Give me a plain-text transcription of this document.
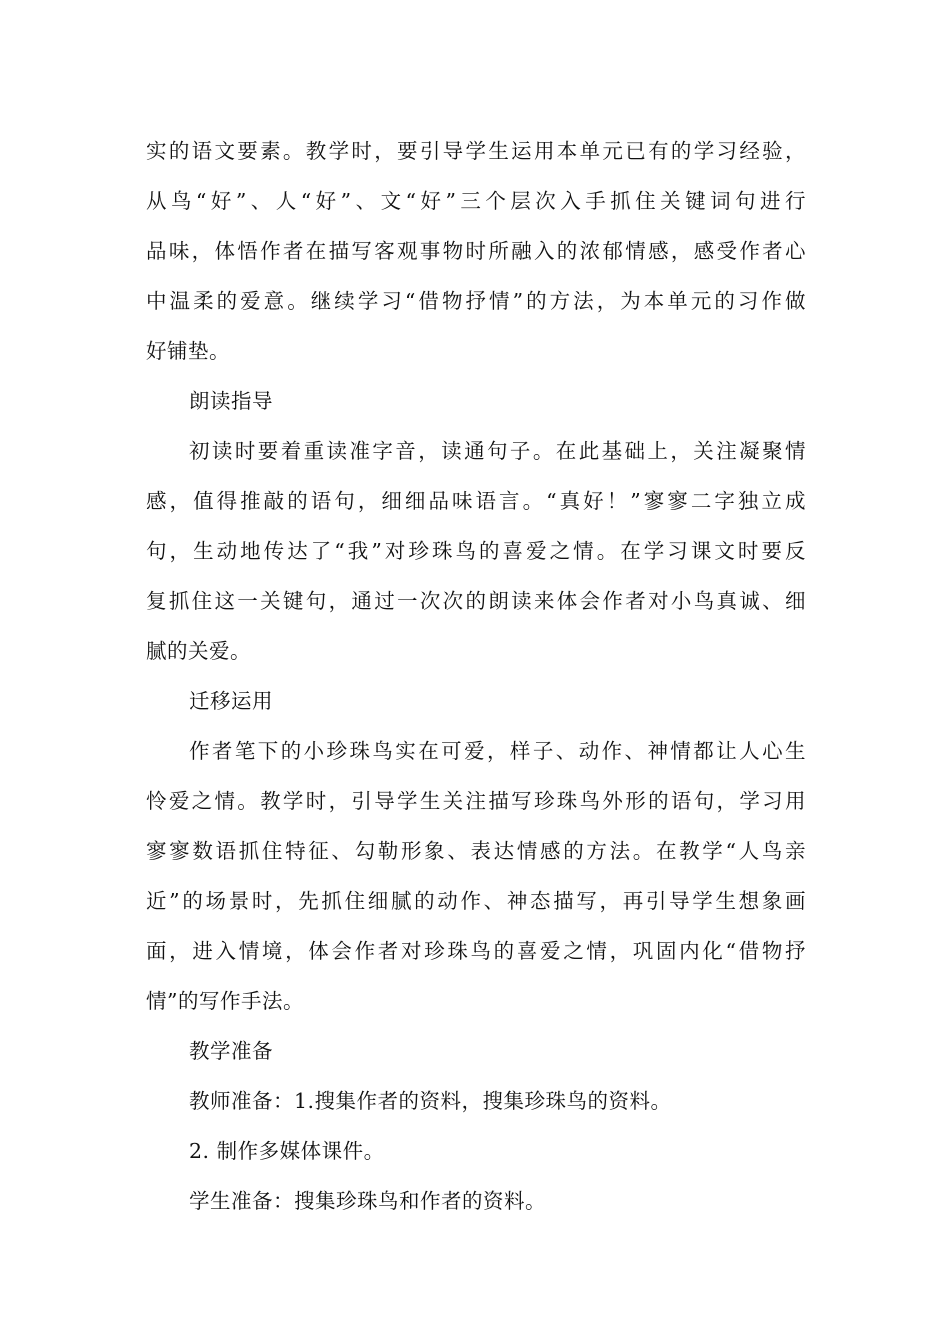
实的语文要素。教学时，要引导学生运用本单元已有的学习经验，
从鸟“好”、人“好”、文“好”三个层次入手抓住关键词句进行
品味，体悟作者在描写客观事物时所融入的浓郁情感，感受作者心
中温柔的爱意。继续学习“借物抒情”的方法，为本单元的习作做
好铺垫。
朗读指导
初读时要着重读准字音，读通句子。在此基础上，关注凝聚情
感，值得推敲的语句，细细品味语言。“真好！”寥寥二字独立成
句，生动地传达了“我”对珍珠鸟的喜爱之情。在学习课文时要反
复抓住这一关键句，通过一次次的朗读来体会作者对小鸟真诚、细
腻的关爱。
迁移运用
作者笔下的小珍珠鸟实在可爱，样子、动作、神情都让人心生
怜爱之情。教学时，引导学生关注描写珍珠鸟外形的语句，学习用
寥寥数语抓住特征、勾勒形象、表达情感的方法。在教学“人鸟亲
近”的场景时，先抓住细腻的动作、神态描写，再引导学生想象画
面，进入情境，体会作者对珍珠鸟的喜爱之情，巩固内化“借物抒
情”的写作手法。
教学准备
教师准备：1.搜集作者的资料，搜集珍珠鸟的资料。
2. 制作多媒体课件。
学生准备：搜集珍珠鸟和作者的资料。
